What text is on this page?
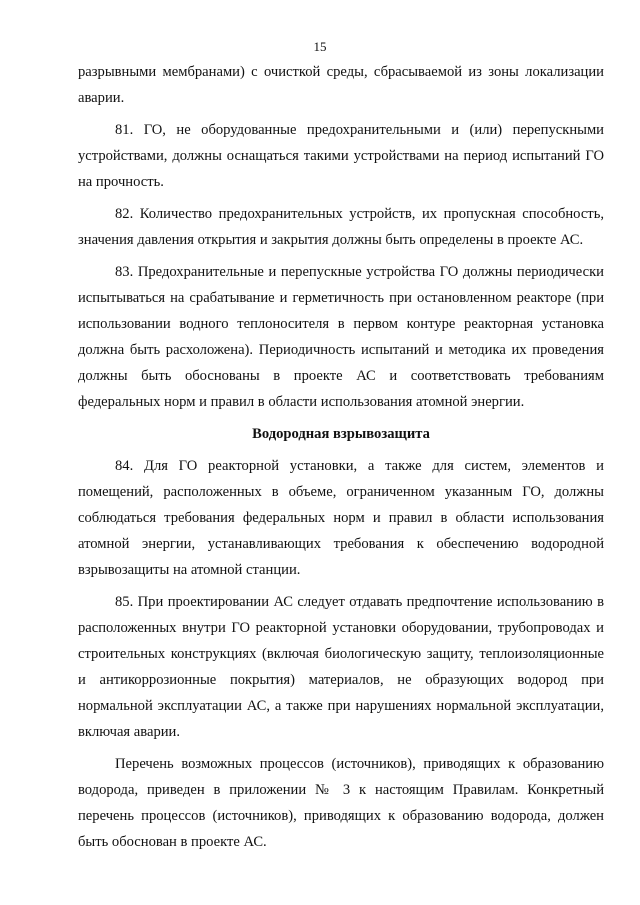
15

разрывными мембранами) с очисткой среды, сбрасываемой из зоны локализации аварии.

81. ГО, не оборудованные предохранительными и (или) перепускными устройствами, должны оснащаться такими устройствами на период испытаний ГО на прочность.

82. Количество предохранительных устройств, их пропускная способность, значения давления открытия и закрытия должны быть определены в проекте АС.

83. Предохранительные и перепускные устройства ГО должны периодически испытываться на срабатывание и герметичность при остановленном реакторе (при использовании водного теплоносителя в первом контуре реакторная установка должна быть расхоложена). Периодичность испытаний и методика их проведения должны быть обоснованы в проекте АС и соответствовать требованиям федеральных норм и правил в области использования атомной энергии.

Водородная взрывозащита

84. Для ГО реакторной установки, а также для систем, элементов и помещений, расположенных в объеме, ограниченном указанным ГО, должны соблюдаться требования федеральных норм и правил в области использования атомной энергии, устанавливающих требования к обеспечению водородной взрывозащиты на атомной станции.

85. При проектировании АС следует отдавать предпочтение использованию в расположенных внутри ГО реакторной установки оборудовании, трубопроводах и строительных конструкциях (включая биологическую защиту, теплоизоляционные и антикоррозионные покрытия) материалов, не образующих водород при нормальной эксплуатации АС, а также при нарушениях нормальной эксплуатации, включая аварии.

Перечень возможных процессов (источников), приводящих к образованию водорода, приведен в приложении № 3 к настоящим Правилам. Конкретный перечень процессов (источников), приводящих к образованию водорода, должен быть обоснован в проекте АС.
